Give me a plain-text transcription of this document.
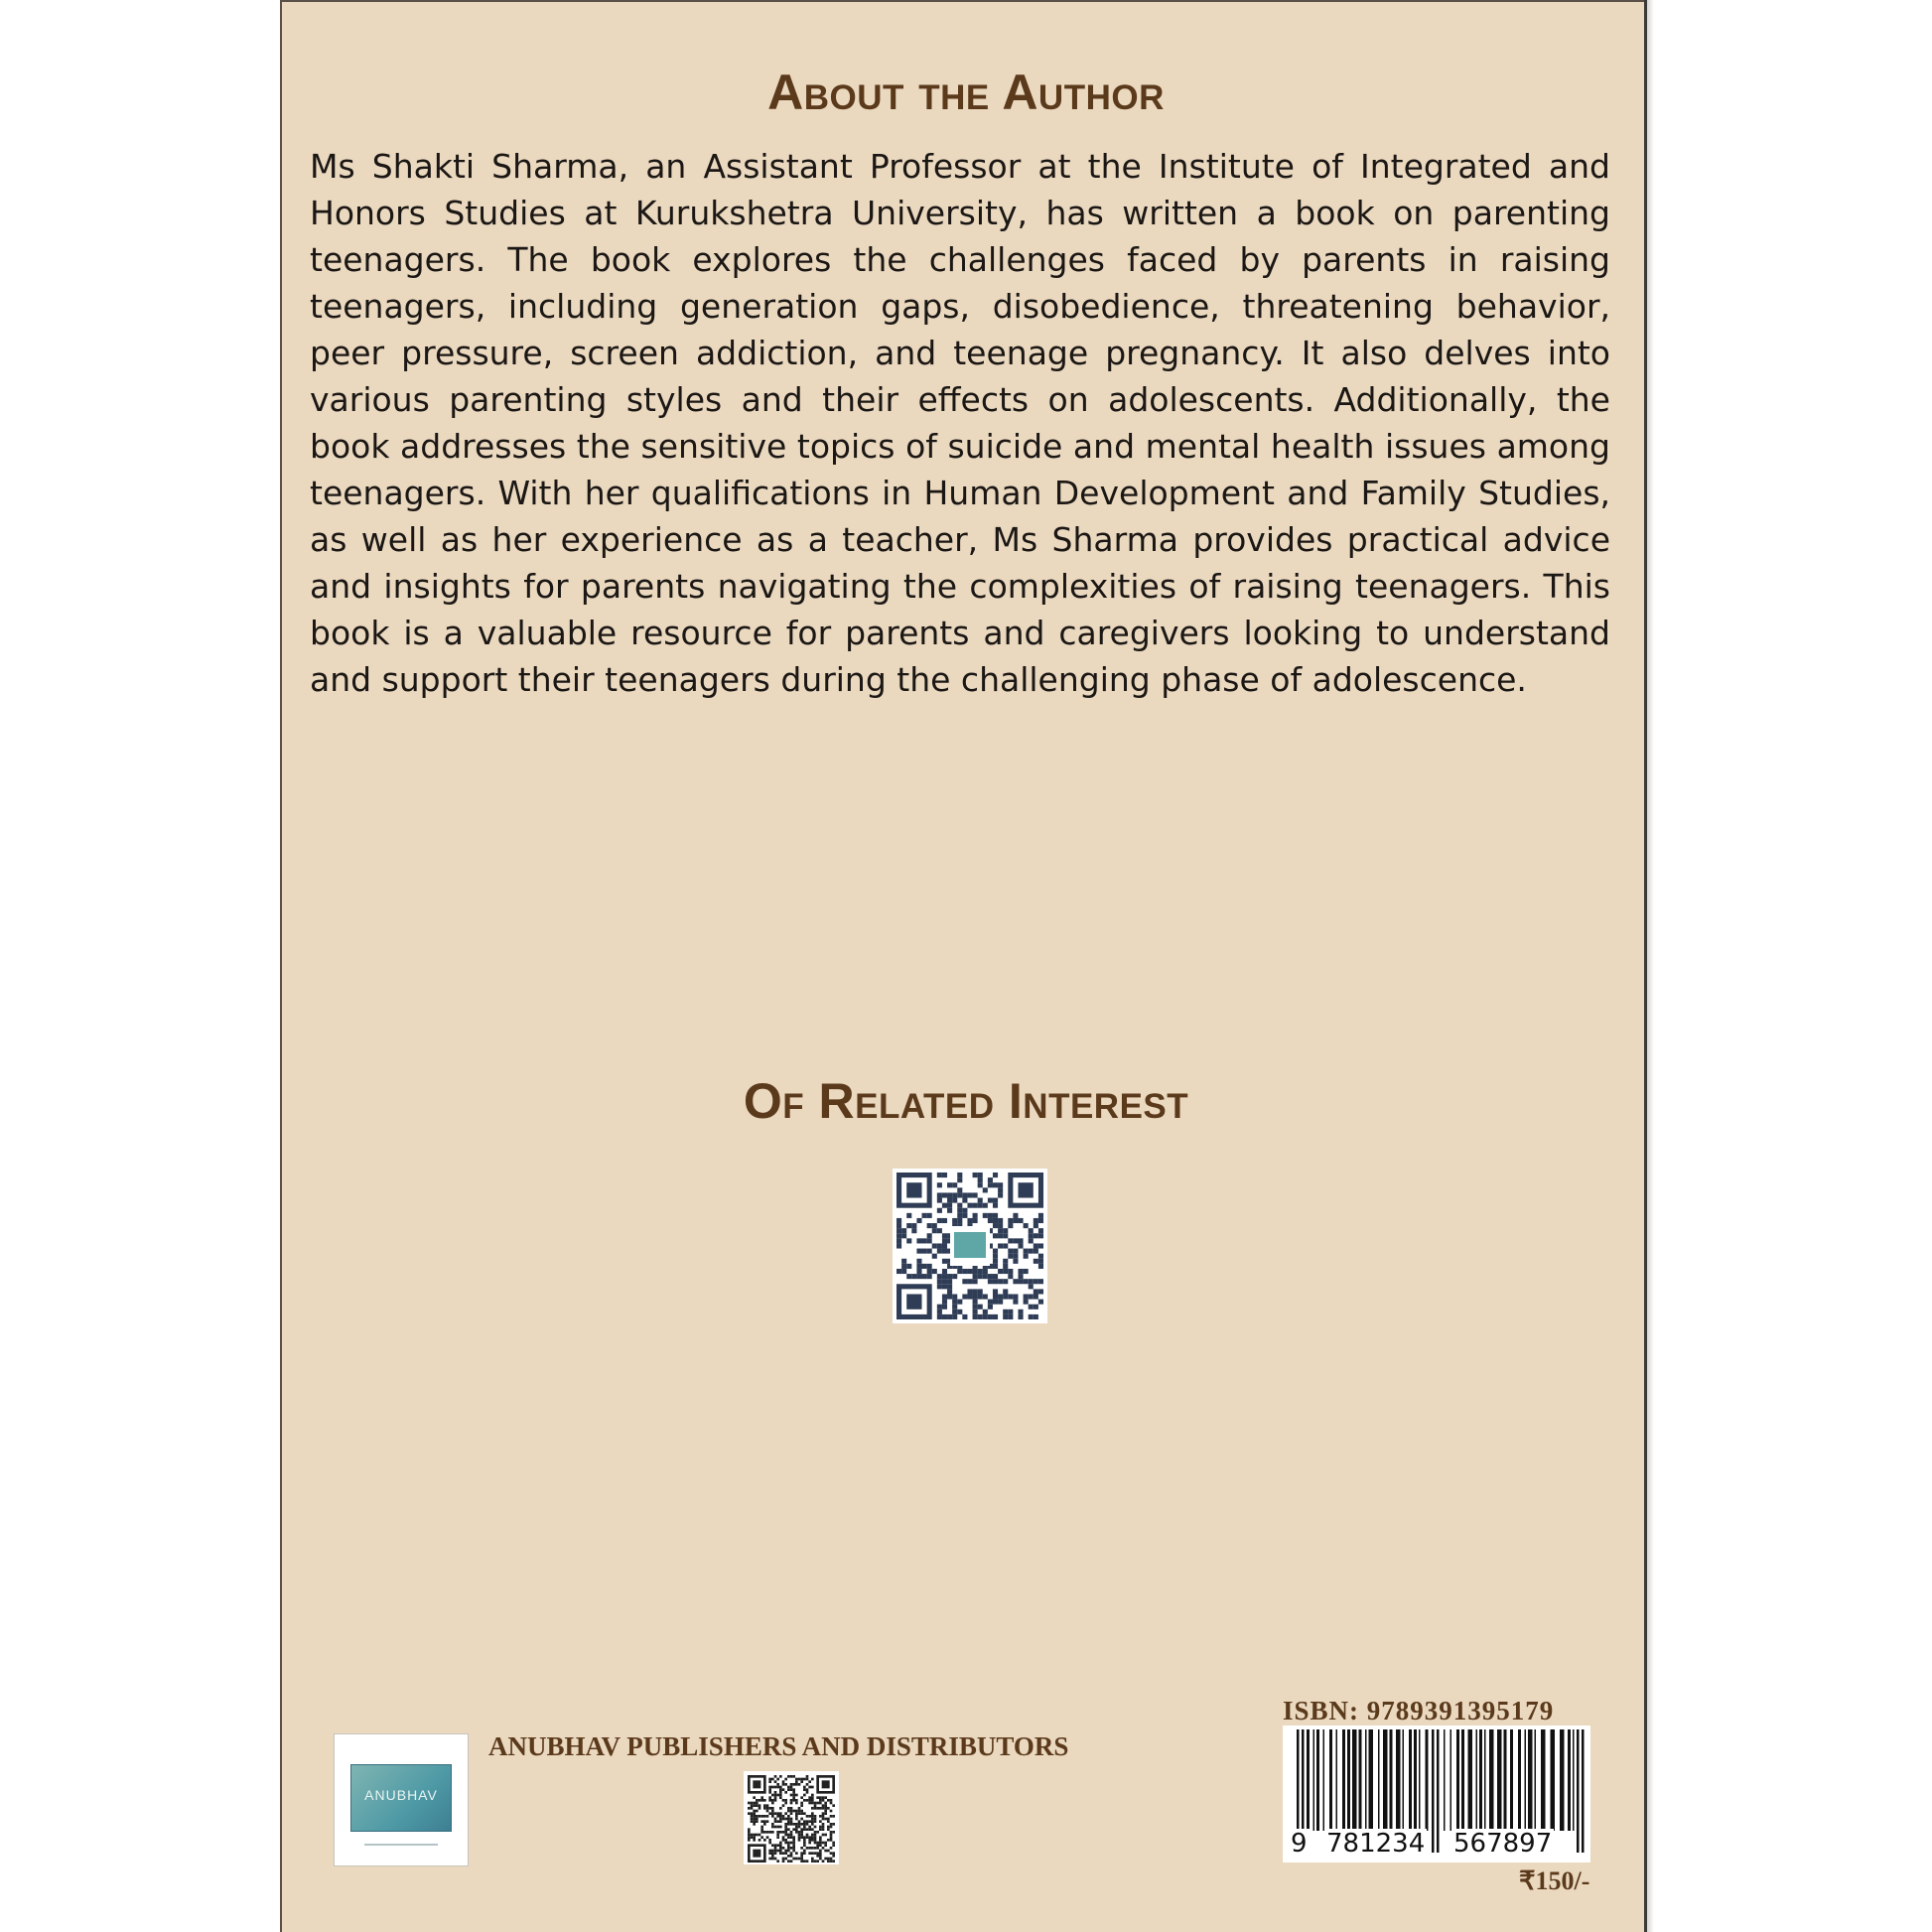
About the Author

Ms Shakti Sharma, an Assistant Professor at the Institute of Integrated and Honors Studies at Kurukshetra University, has written a book on parenting teenagers. The book explores the challenges faced by parents in raising teenagers, including generation gaps, disobedience, threatening behavior, peer pressure, screen addiction, and teenage pregnancy. It also delves into various parenting styles and their effects on adolescents. Additionally, the book addresses the sensitive topics of suicide and mental health issues among teenagers. With her qualifications in Human Development and Family Studies, as well as her experience as a teacher, Ms Sharma provides practical advice and insights for parents navigating the complexities of raising teenagers. This book is a valuable resource for parents and caregivers looking to understand and support their teenagers during the challenging phase of adolescence.

Of Related Interest
ANUBHAV

ANUBHAV PUBLISHERS AND DISTRIBUTORS

ISBN: 9789391395179

9 781234 567897

₹150/-
